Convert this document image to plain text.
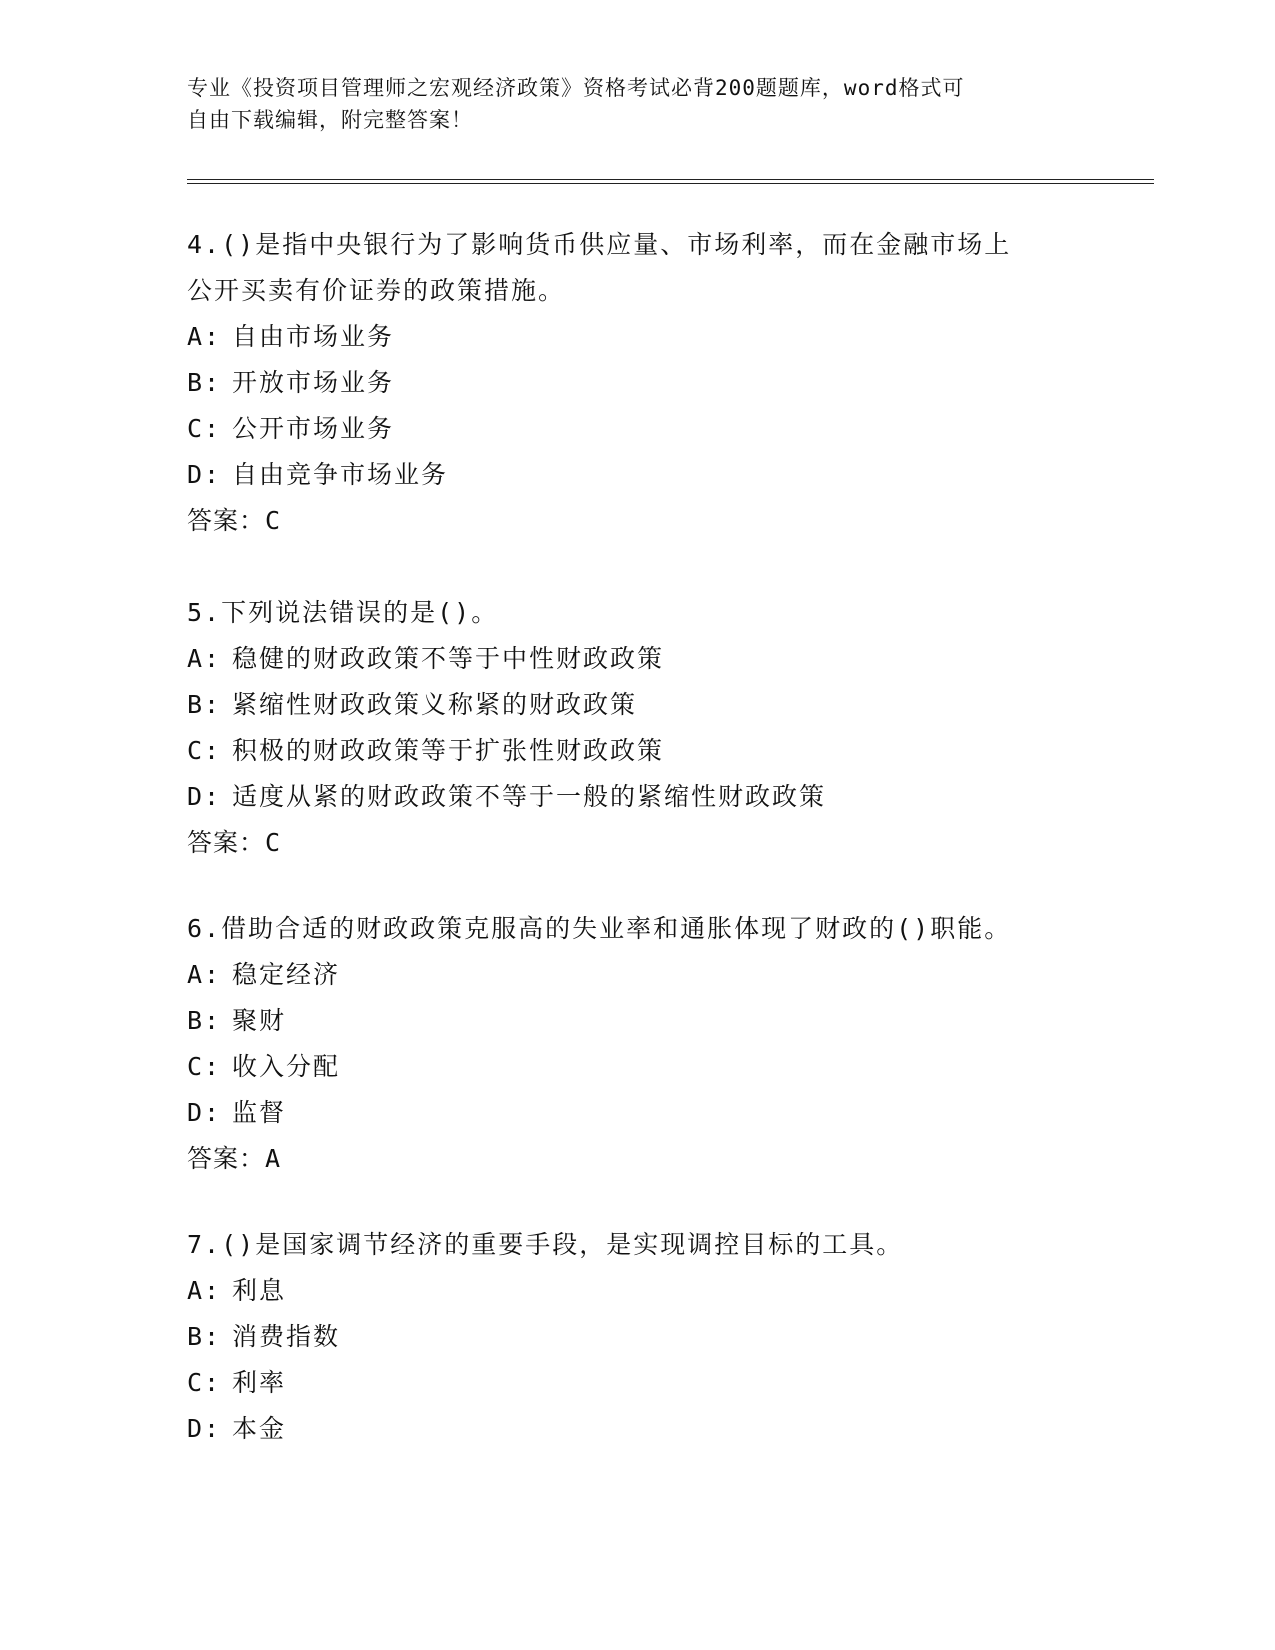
专业《投资项目管理师之宏观经济政策》资格考试必背200题题库，word格式可
自由下载编辑，附完整答案！
4.()是指中央银行为了影响货币供应量、市场利率，而在金融市场上
公开买卖有价证券的政策措施。
A: 自由市场业务
B: 开放市场业务
C: 公开市场业务
D: 自由竞争市场业务
答案：C
5.下列说法错误的是()。
A: 稳健的财政政策不等于中性财政政策
B: 紧缩性财政政策义称紧的财政政策
C: 积极的财政政策等于扩张性财政政策
D: 适度从紧的财政政策不等于一般的紧缩性财政政策
答案：C
6.借助合适的财政政策克服高的失业率和通胀体现了财政的()职能。
A: 稳定经济
B: 聚财
C: 收入分配
D: 监督
答案：A
7.()是国家调节经济的重要手段，是实现调控目标的工具。
A: 利息
B: 消费指数
C: 利率
D: 本金
